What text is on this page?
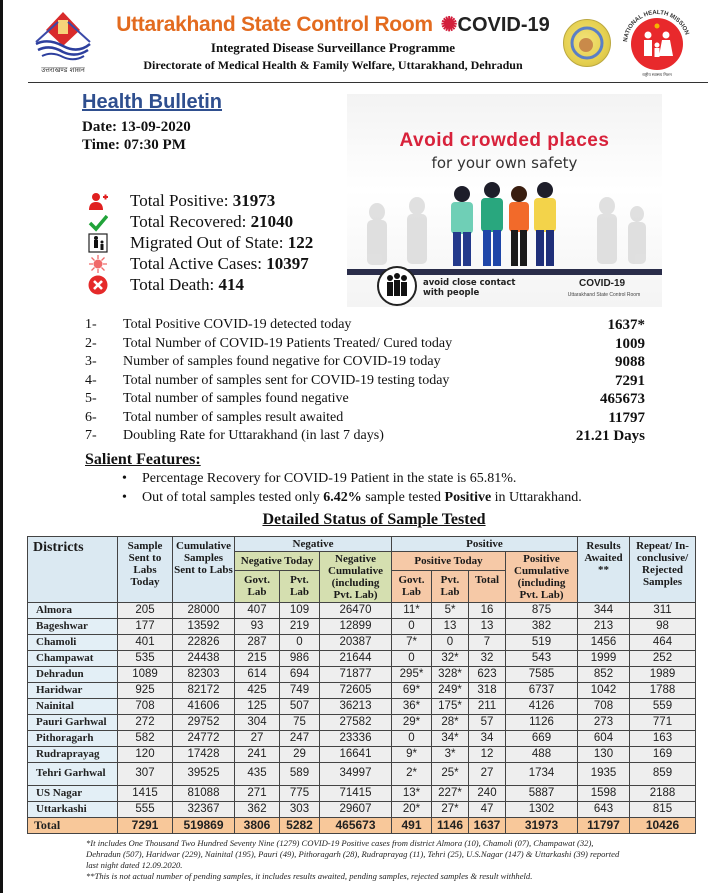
उत्तराखण्ड शासन
Uttarakhand State Control Room ✺COVID-19
Integrated Disease Surveillance Programme
Directorate of Medical Health & Family Welfare, Uttarakhand, Dehradun
राष्ट्रीय स्वास्थ्य मिशन
NATIONAL HEALTH MISSION
Health Bulletin
Date: 13-09-2020
Time: 07:30 PM
Total Positive: 31973
Total Recovered: 21040
Migrated Out of State: 122
Total Active Cases: 10397
Total Death: 414
Avoid crowded places
for your own safety
avoid close contact
with people
COVID-19
Uttarakhand State Control Room
1- Total Positive COVID-19 detected today	1637*
2- Total Number of COVID-19 Patients Treated/ Cured today	1009
3- Number of samples found negative for COVID-19 today	9088
4- Total number of samples sent for COVID-19 testing today	7291
5- Total number of samples found negative	465673
6- Total number of samples result awaited	11797
7- Doubling Rate for Uttarakhand (in last 7 days)	21.21 Days
Salient Features:
• Percentage Recovery for COVID-19 Patient in the state is 65.81%.
• Out of total samples tested only 6.42% sample tested Positive in Uttarakhand.
Detailed Status of Sample Tested
Districts	Sample Sent to Labs Today	Cumulative Samples Sent to Labs	Negative			Positive				Results Awaited **	Repeat/ In-conclusive/ Rejected Samples
			Negative Today		Negative Cumulative (including Pvt. Lab)	Positive Today			Positive Cumulative (including Pvt. Lab)		
			Govt. Lab	Pvt. Lab		Govt. Lab	Pvt. Lab	Total			
Almora	205	28000	407	109	26470	11*	5*	16	875	344	311
Bageshwar	177	13592	93	219	12899	0	13	13	382	213	98
Chamoli	401	22826	287	0	20387	7*	0	7	519	1456	464
Champawat	535	24438	215	986	21644	0	32*	32	543	1999	252
Dehradun	1089	82303	614	694	71877	295*	328*	623	7585	852	1989
Haridwar	925	82172	425	749	72605	69*	249*	318	6737	1042	1788
Nainital	708	41606	125	507	36213	36*	175*	211	4126	708	559
Pauri Garhwal	272	29752	304	75	27582	29*	28*	57	1126	273	771
Pithoragarh	582	24772	27	247	23336	0	34*	34	669	604	163
Rudraprayag	120	17428	241	29	16641	9*	3*	12	488	130	169
Tehri Garhwal	307	39525	435	589	34997	2*	25*	27	1734	1935	859
US Nagar	1415	81088	271	775	71415	13*	227*	240	5887	1598	2188
Uttarkashi	555	32367	362	303	29607	20*	27*	47	1302	643	815
Total	7291	519869	3806	5282	465673	491	1146	1637	31973	11797	10426
*It includes One Thousand Two Hundred Seventy Nine (1279) COVID-19 Positive cases from district Almora (10), Chamoli (07), Champawat (32),
Dehradun (507), Haridwar (229), Nainital (195), Pauri (49), Pithoragarh (28), Rudraprayag (11), Tehri (25), U.S.Nagar (147) & Uttarkashi (39) reported
last night dated 12.09.2020.
**This is not actual number of pending samples, it includes results awaited, pending samples, rejected samples & result withheld.
